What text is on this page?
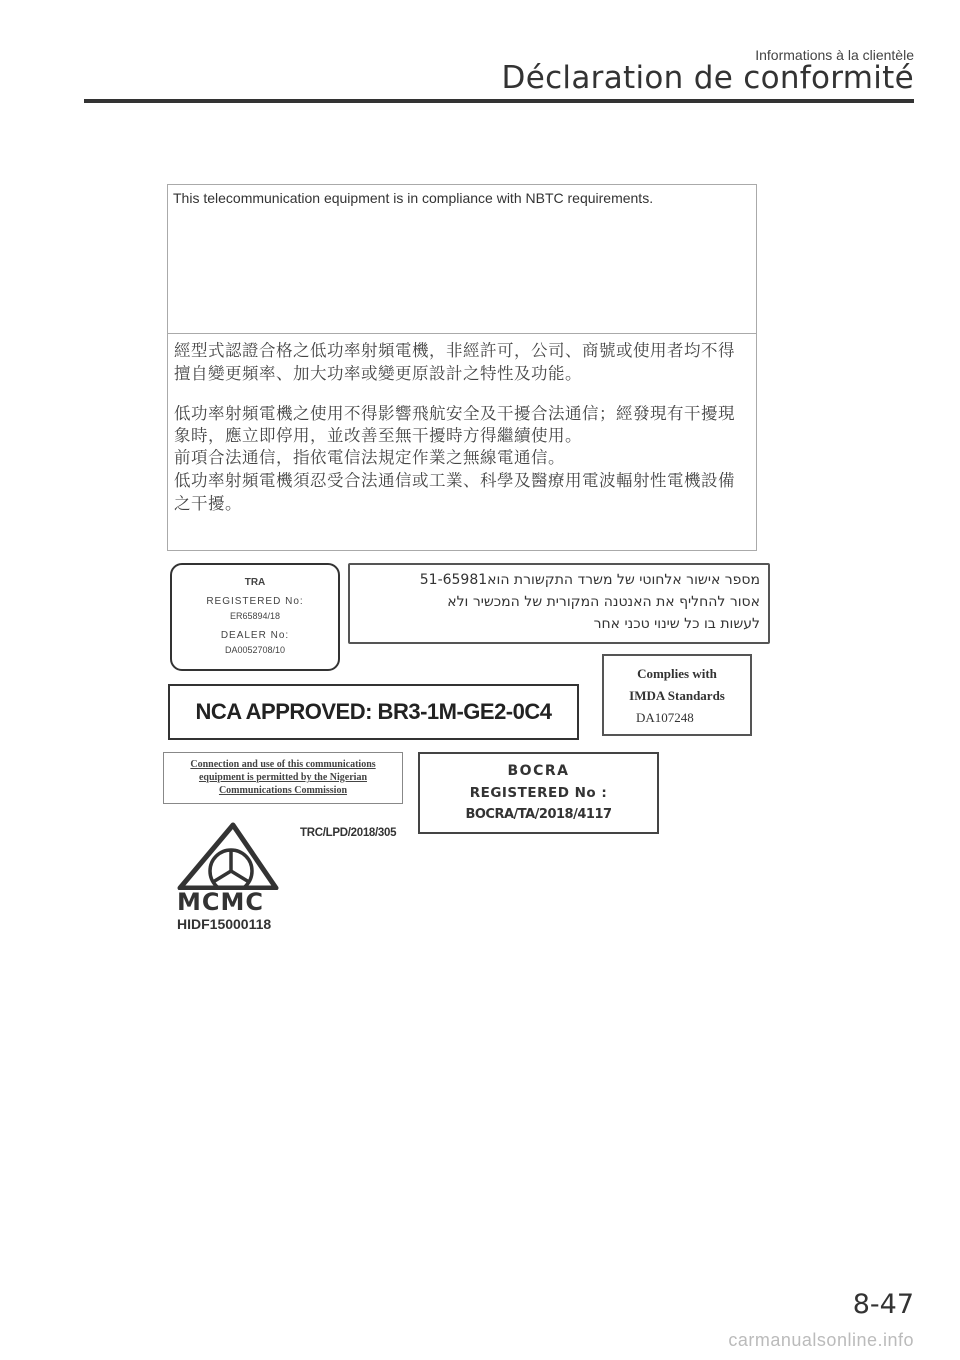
Informations à la clientèle
Déclaration de conformité
This telecommunication equipment is in compliance with NBTC requirements.
經型式認證合格之低功率射頻電機，非經許可，公司、商號或使用者均不得
擅自變更頻率、加大功率或變更原設計之特性及功能。
低功率射頻電機之使用不得影響飛航安全及干擾合法通信；經發現有干擾現
象時，應立即停用，並改善至無干擾時方得繼續使用。
前項合法通信，指依電信法規定作業之無線電通信。
低功率射頻電機須忍受合法通信或工業、科學及醫療用電波輻射性電機設備
之干擾。
TRA
REGISTERED No:
ER65894/18
DEALER No:
DA0052708/10
מספר אישור אלחוטי של משרד התקשורת הוא51-65981
אסור להחליף את האנטנה המקורית של המכשיר ולא
לעשות בו כל שינוי טכני אחר
Complies with
IMDA Standards
DA107248
NCA APPROVED: BR3-1M-GE2-0C4
Connection and use of this communications
equipment is permitted by the Nigerian
Communications Commission
BOCRA
REGISTERED No :
BOCRA/TA/2018/4117
TRC/LPD/2018/305
MCMC
HIDF15000118
8-47
carmanualsonline.info
